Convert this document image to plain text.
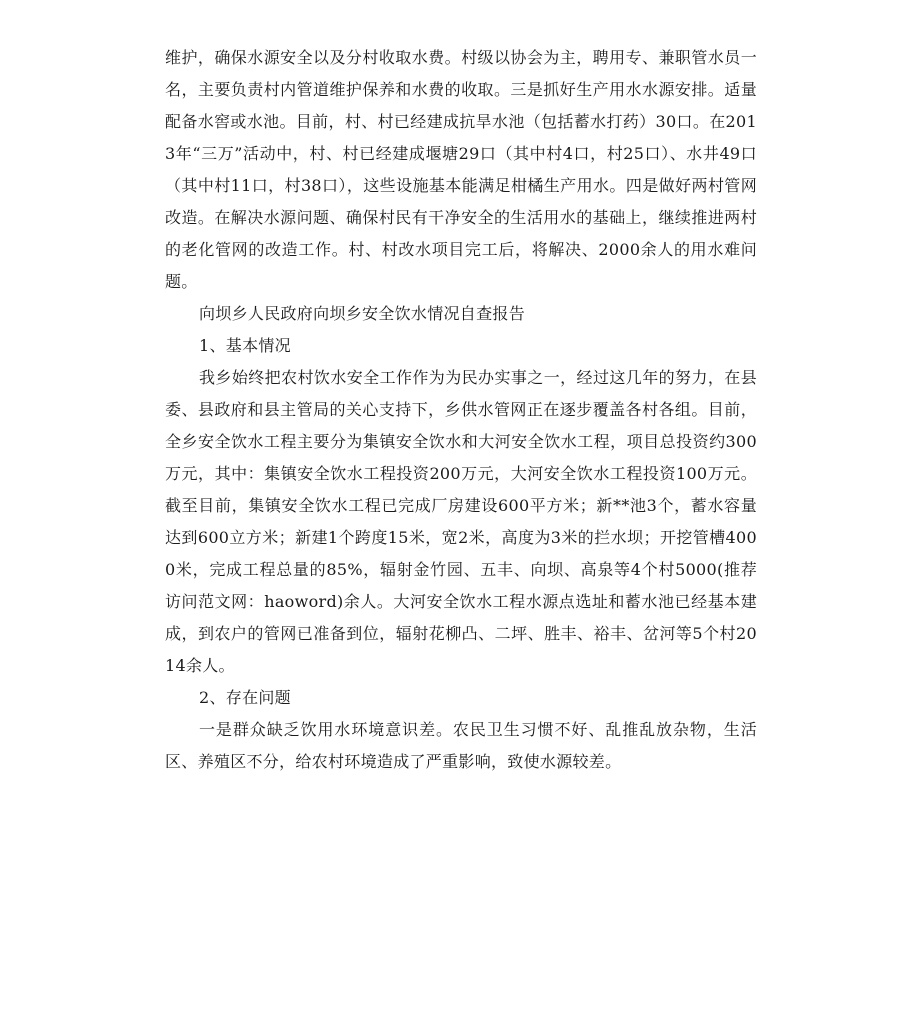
维护，确保水源安全以及分村收取水费。村级以协会为主，聘用专、兼职管水员一名，主要负责村内管道维护保养和水费的收取。三是抓好生产用水水源安排。适量配备水窖或水池。目前，村、村已经建成抗旱水池（包括蓄水打药）30口。在2013年“三万”活动中，村、村已经建成堰塘29口（其中村4口，村25口）、水井49口（其中村11口，村38口），这些设施基本能满足柑橘生产用水。四是做好两村管网改造。在解决水源问题、确保村民有干净安全的生活用水的基础上，继续推进两村的老化管网的改造工作。村、村改水项目完工后，将解决、2000余人的用水难问题。

向坝乡人民政府向坝乡安全饮水情况自查报告

1、基本情况

我乡始终把农村饮水安全工作作为为民办实事之一，经过这几年的努力，在县委、县政府和县主管局的关心支持下，乡供水管网正在逐步覆盖各村各组。目前，全乡安全饮水工程主要分为集镇安全饮水和大河安全饮水工程，项目总投资约300万元，其中：集镇安全饮水工程投资200万元，大河安全饮水工程投资100万元。截至目前，集镇安全饮水工程已完成厂房建设600平方米；新**池3个，蓄水容量达到600立方米；新建1个跨度15米，宽2米，高度为3米的拦水坝；开挖管槽4000米，完成工程总量的85%，辐射金竹园、五丰、向坝、高泉等4个村5000(推荐访问范文网：haoword)余人。大河安全饮水工程水源点选址和蓄水池已经基本建成，到农户的管网已准备到位，辐射花柳凸、二坪、胜丰、裕丰、岔河等5个村2014余人。

2、存在问题

一是群众缺乏饮用水环境意识差。农民卫生习惯不好、乱推乱放杂物，生活区、养殖区不分，给农村环境造成了严重影响，致使水源较差。
